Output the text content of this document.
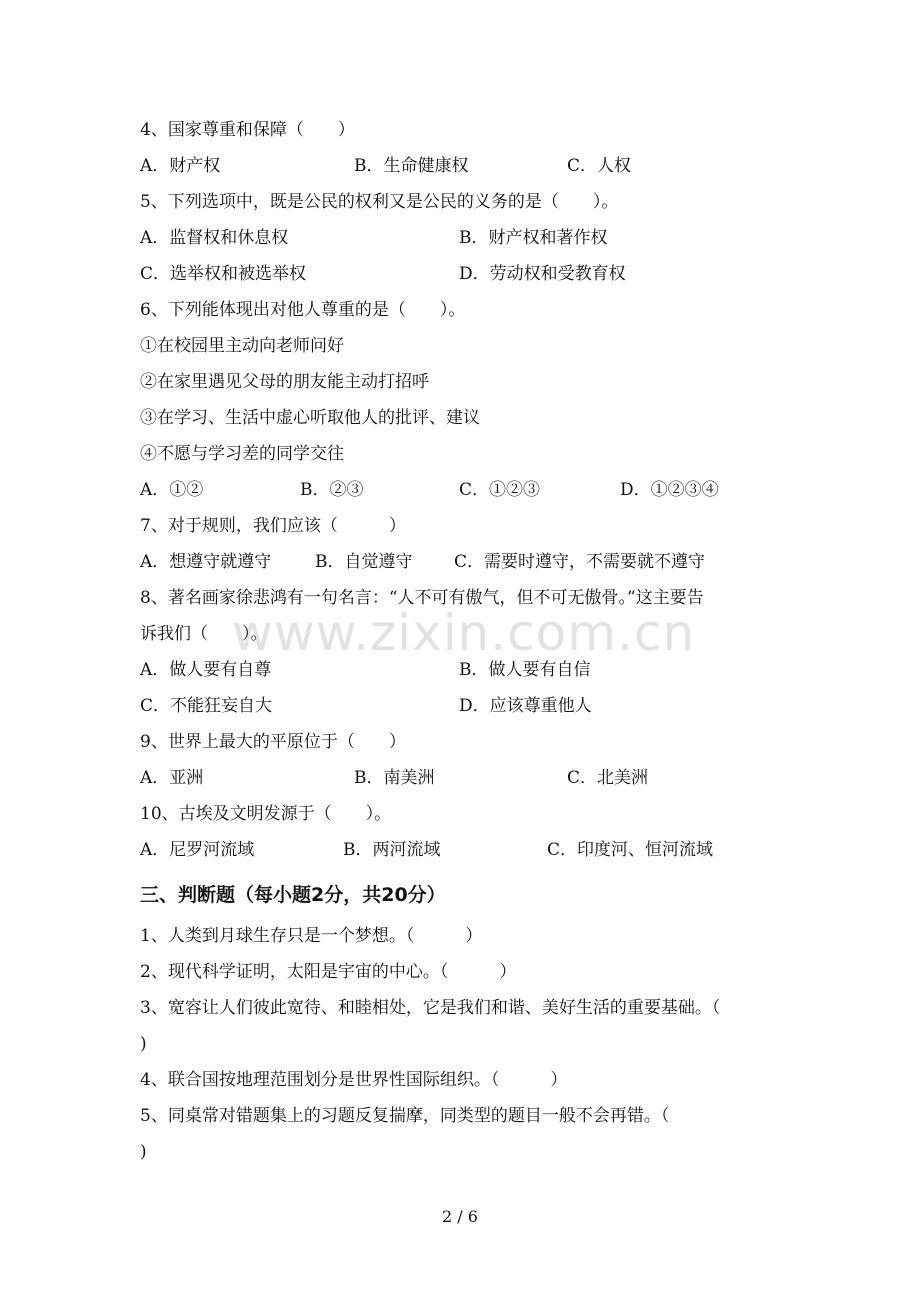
www.zixin.com.cn
4、国家尊重和保障（　　）
A．财产权	B．生命健康权	C．人权
5、下列选项中，既是公民的权利又是公民的义务的是（　　）。
A．监督权和休息权	B．财产权和著作权
C．选举权和被选举权	D．劳动权和受教育权
6、下列能体现出对他人尊重的是（　　）。
①在校园里主动向老师问好
②在家里遇见父母的朋友能主动打招呼
③在学习、生活中虚心听取他人的批评、建议
④不愿与学习差的同学交往
A．①②	B．②③	C．①②③	D．①②③④
7、对于规则，我们应该（　　　）
A．想遵守就遵守	B．自觉遵守 C．需要时遵守，不需要就不遵守
8、著名画家徐悲鸿有一句名言：“人不可有傲气，但不可无傲骨。”这主要告
诉我们（　　）。
A．做人要有自尊	B．做人要有自信
C．不能狂妄自大	D．应该尊重他人
9、世界上最大的平原位于（　　）
A．亚洲	B．南美洲	C．北美洲
10、古埃及文明发源于（　　）。
A．尼罗河流域	B．两河流域	C．印度河、恒河流域
三、判断题（每小题2分，共20分）
1、人类到月球生存只是一个梦想。（　　　）
2、现代科学证明，太阳是宇宙的中心。（　　　）
3、宽容让人们彼此宽待、和睦相处，它是我们和谐、美好生活的重要基础。（
)
4、联合国按地理范围划分是世界性国际组织。（　　　）
5、同桌常对错题集上的习题反复揣摩，同类型的题目一般不会再错。（
)
2 / 6
